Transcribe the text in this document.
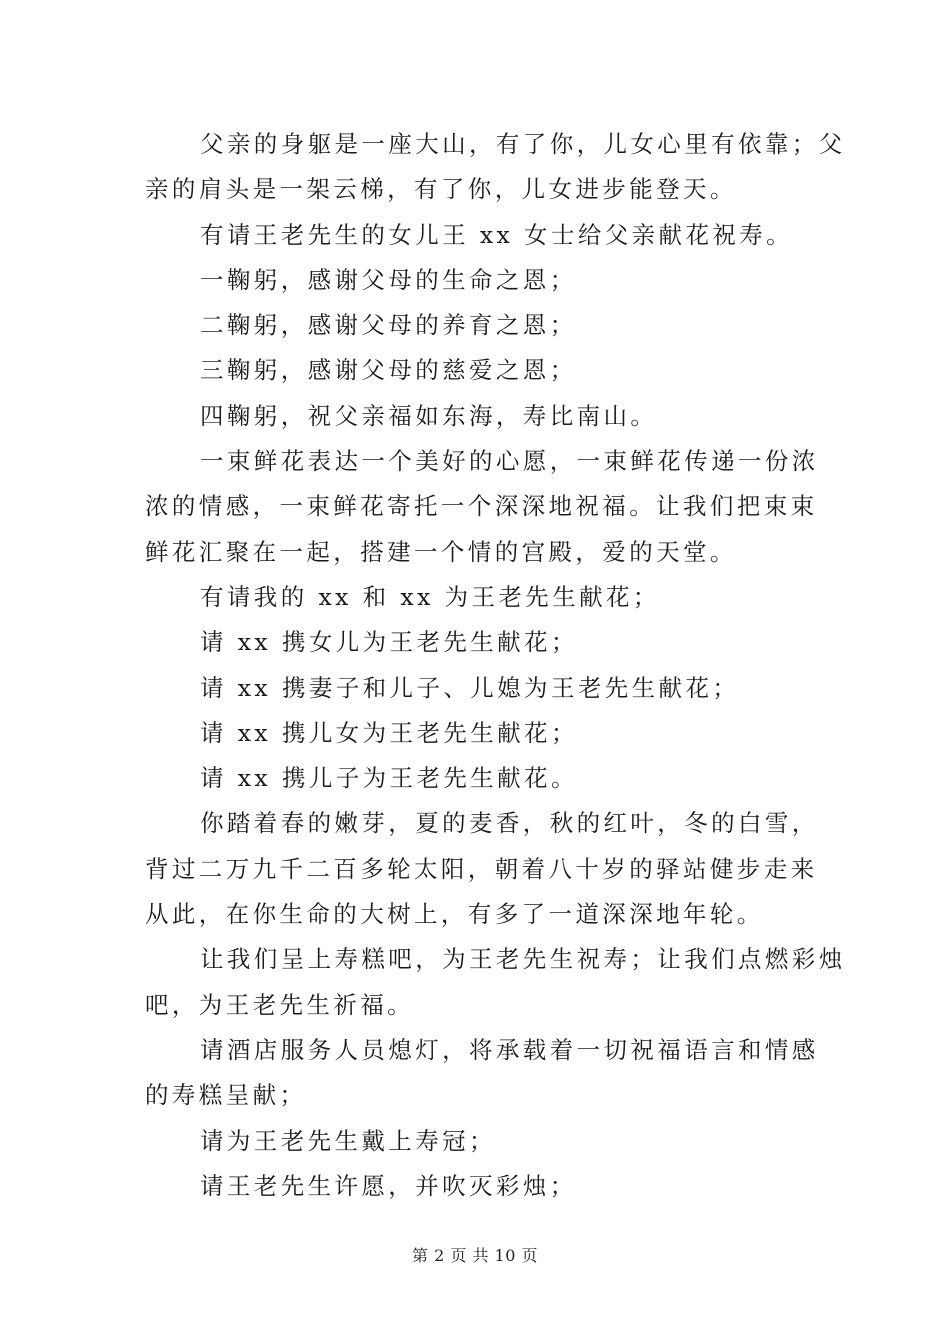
父亲的身躯是一座大山，有了你，儿女心里有依靠；父
亲的肩头是一架云梯，有了你，儿女进步能登天。
有请王老先生的女儿王 xx 女士给父亲献花祝寿。
一鞠躬，感谢父母的生命之恩；
二鞠躬，感谢父母的养育之恩；
三鞠躬，感谢父母的慈爱之恩；
四鞠躬，祝父亲福如东海，寿比南山。
一束鲜花表达一个美好的心愿，一束鲜花传递一份浓
浓的情感，一束鲜花寄托一个深深地祝福。让我们把束束
鲜花汇聚在一起，搭建一个情的宫殿，爱的天堂。
有请我的 xx 和 xx 为王老先生献花；
请 xx 携女儿为王老先生献花；
请 xx 携妻子和儿子、儿媳为王老先生献花；
请 xx 携儿女为王老先生献花；
请 xx 携儿子为王老先生献花。
你踏着春的嫩芽，夏的麦香，秋的红叶，冬的白雪，
背过二万九千二百多轮太阳，朝着八十岁的驿站健步走来
从此，在你生命的大树上，有多了一道深深地年轮。
让我们呈上寿糕吧，为王老先生祝寿；让我们点燃彩烛
吧，为王老先生祈福。
请酒店服务人员熄灯，将承载着一切祝福语言和情感
的寿糕呈献；
请为王老先生戴上寿冠；
请王老先生许愿，并吹灭彩烛；
第 2 页 共 10 页
